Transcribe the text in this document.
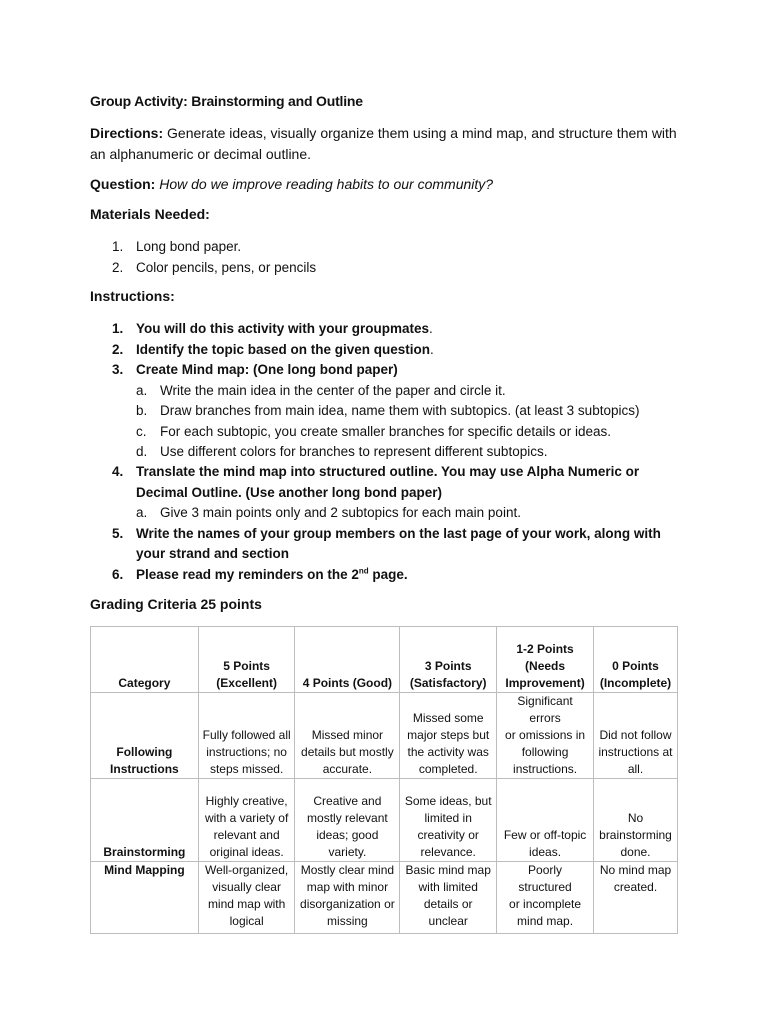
Group Activity: Brainstorming and Outline
Directions: Generate ideas, visually organize them using a mind map, and structure them with
an alphanumeric or decimal outline.
Question: How do we improve reading habits to our community?
Materials Needed:
1. Long bond paper.
2. Color pencils, pens, or pencils
Instructions:
1. You will do this activity with your groupmates.
2. Identify the topic based on the given question.
3. Create Mind map: (One long bond paper)
a. Write the main idea in the center of the paper and circle it.
b. Draw branches from main idea, name them with subtopics. (at least 3 subtopics)
c. For each subtopic, you create smaller branches for specific details or ideas.
d. Use different colors for branches to represent different subtopics.
4. Translate the mind map into structured outline. You may use Alpha Numeric or
Decimal Outline. (Use another long bond paper)
a. Give 3 main points only and 2 subtopics for each main point.
5. Write the names of your group members on the last page of your work, along with
your strand and section
6. Please read my reminders on the 2nd page.
Grading Criteria 25 points
Category	5 Points
(Excellent)	4 Points (Good)	3 Points
(Satisfactory)	1-2 Points
(Needs
Improvement)	0 Points
(Incomplete)
Following
Instructions	Fully followed all
instructions; no
steps missed.	Missed minor
details but mostly
accurate.	Missed some
major steps but
the activity was
completed.	Significant errors
or omissions in
following
instructions.	Did not follow
instructions at
all.
Brainstorming	Highly creative,
with a variety of
relevant and
original ideas.	Creative and
mostly relevant
ideas; good variety.	Some ideas, but
limited in
creativity or
relevance.	Few or off-topic
ideas.	No
brainstorming
done.
Mind Mapping	Well-organized,
visually clear
mind map with
logical	Mostly clear mind
map with minor
disorganization or
missing	Basic mind map
with limited
details or unclear	Poorly structured
or incomplete
mind map.	No mind map
created.
